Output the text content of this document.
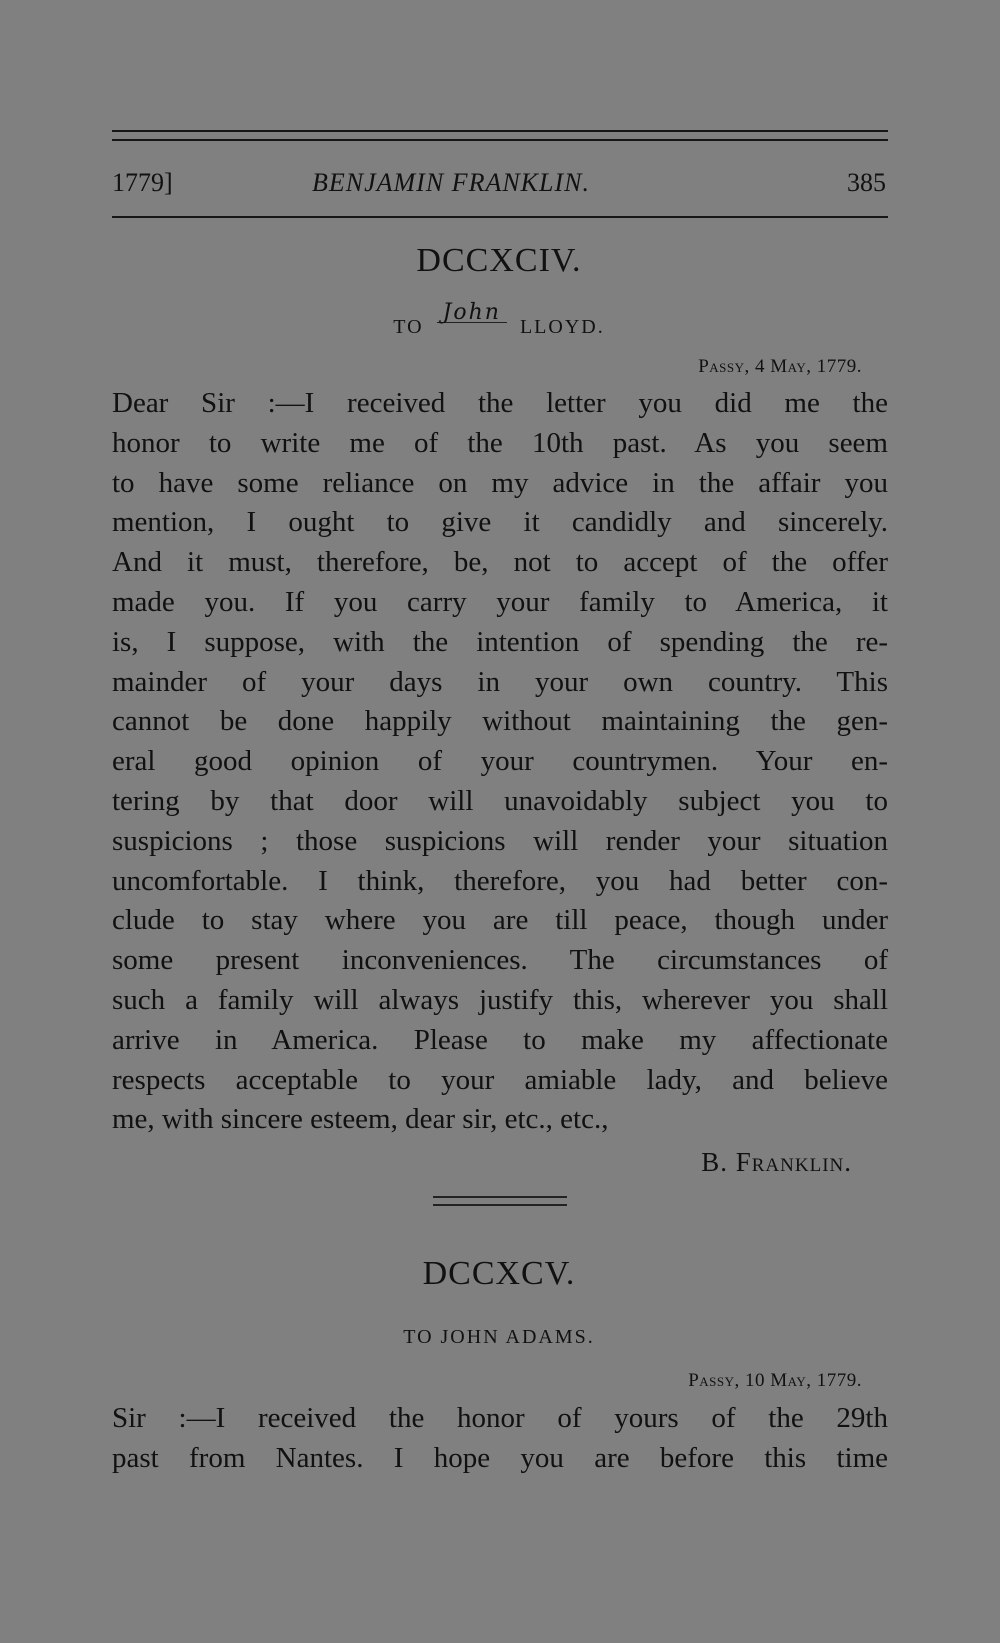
1779]	BENJAMIN FRANKLIN.	385
DCCXCIV.
TO John LLOYD.
Passy, 4 May, 1779.
Dear Sir :—I received the letter you did me the
honor to write me of the 10th past. As you seem
to have some reliance on my advice in the affair you
mention, I ought to give it candidly and sincerely.
And it must, therefore, be, not to accept of the offer
made you. If you carry your family to America, it
is, I suppose, with the intention of spending the re-
mainder of your days in your own country. This
cannot be done happily without maintaining the gen-
eral good opinion of your countrymen. Your en-
tering by that door will unavoidably subject you to
suspicions ; those suspicions will render your situation
uncomfortable. I think, therefore, you had better con-
clude to stay where you are till peace, though under
some present inconveniences. The circumstances of
such a family will always justify this, wherever you shall
arrive in America. Please to make my affectionate
respects acceptable to your amiable lady, and believe
me, with sincere esteem, dear sir, etc., etc.,
B. Franklin.
DCCXCV.
TO JOHN ADAMS.
Passy, 10 May, 1779.
Sir :—I received the honor of yours of the 29th
past from Nantes. I hope you are before this time
